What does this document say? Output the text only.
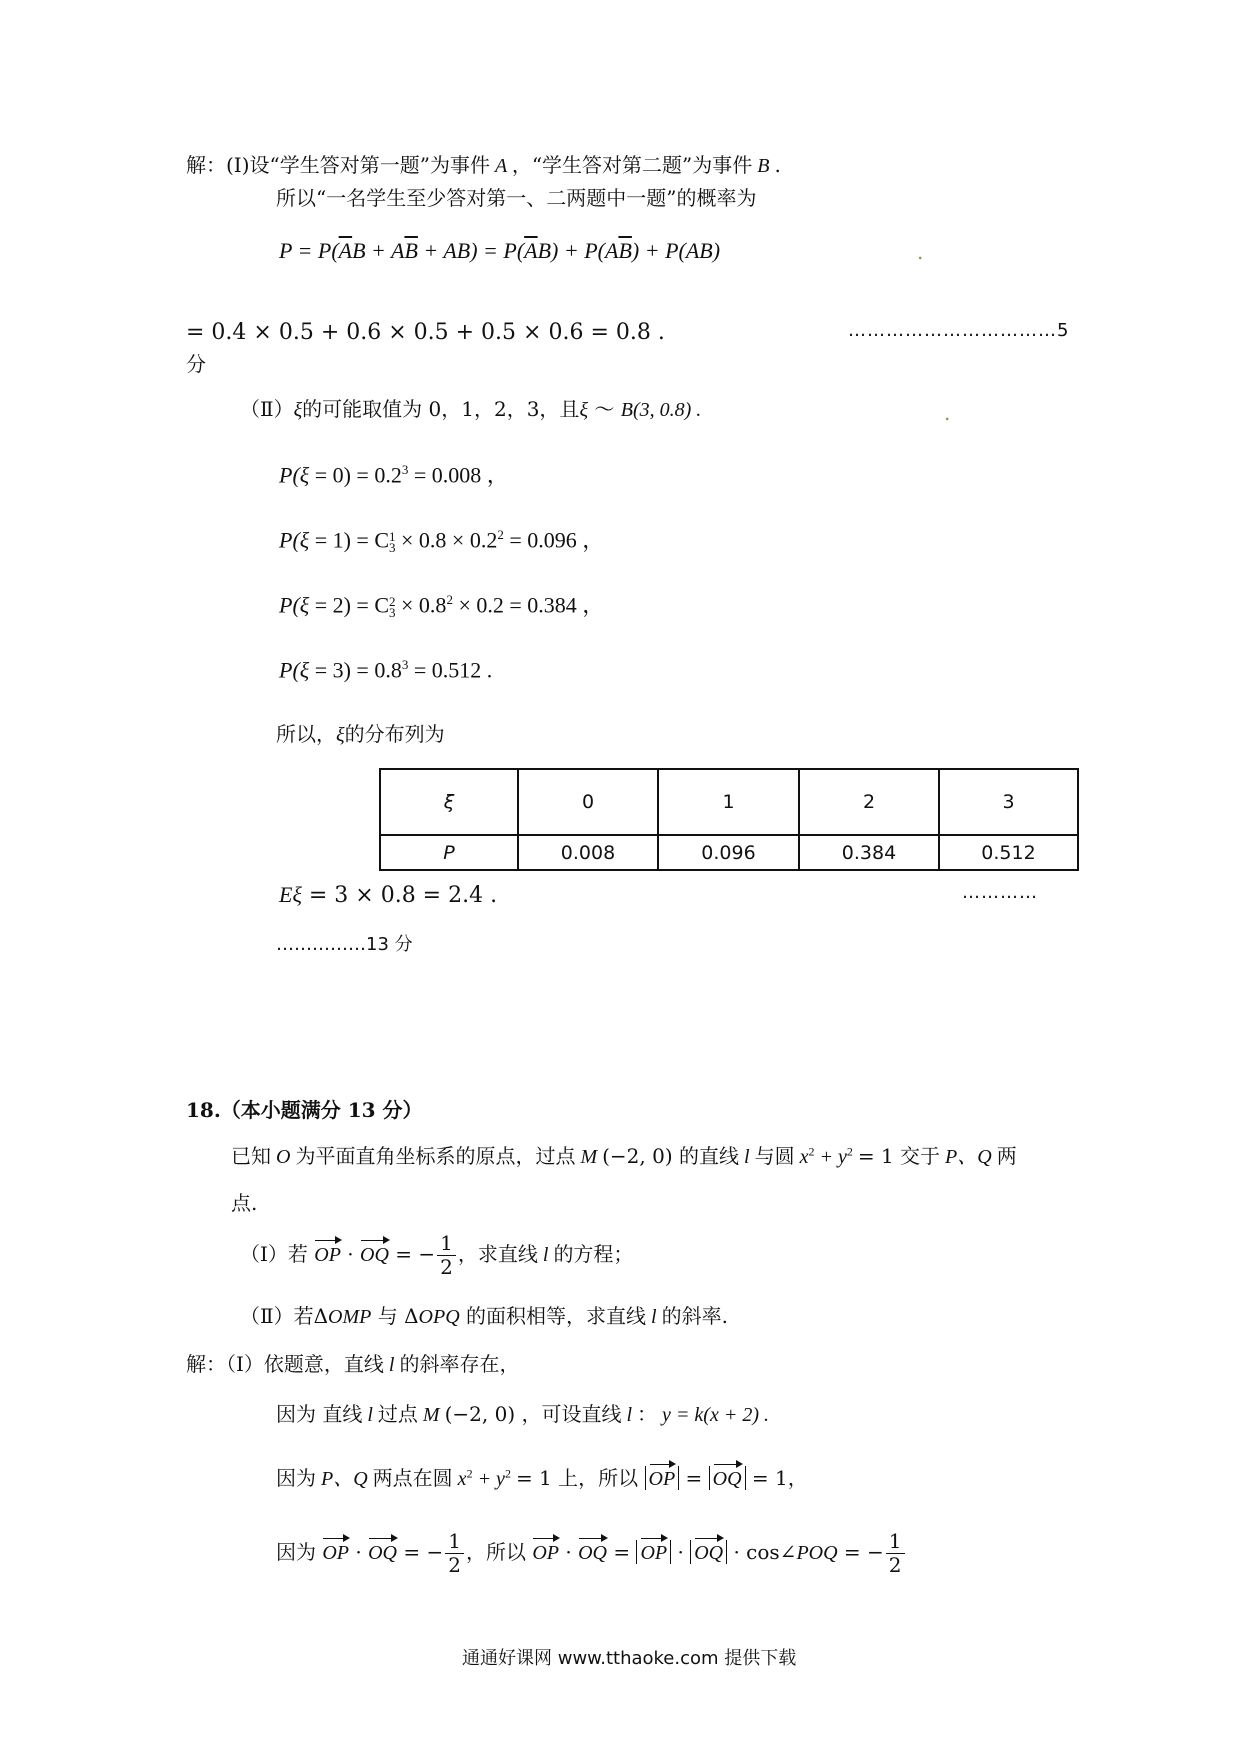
解：(Ⅰ)设“学生答对第一题”为事件 A ，“学生答对第二题”为事件 B .
所以“一名学生至少答对第一、二两题中一题”的概率为
$P = P(\overline{A}B + A\overline{B} + AB) = P(\overline{A}B) + P(A\overline{B}) + P(AB)$	.
= 0.4 × 0.5 + 0.6 × 0.5 + 0.5 × 0.6 = 0.8 .	……………………………5
分
（Ⅱ）ξ的可能取值为 0，1，2，3，且ξ ～ B(3, 0.8) .	.
$P(\xi = 0) = 0.2^3 = 0.008$ ，
P(ξ = 1) = C 1
$3 \times 0.8 \times 0.2^2 = 0.096$ ，
P(ξ = 2) = C 2
$3 \times 0.8^2 \times 0.2 = 0.384$ ，
$P(\xi = 3) = 0.8^3 = 0.512$ .
所以，ξ的分布列为
ξ	0	1	2	3
P	0.008	0.096	0.384	0.512
Eξ = 3 × 0.8 = 2.4 .	…………
……………13 分
18.（本小题满分 13 分）
已知 O 为平面直角坐标系的原点，过点 M (−2, 0) 的直线 l 与圆 $x^2 + y^2 = 1$ 交于 P、Q 两
点.
（Ⅰ）若 OP · OQ = − $\frac{1}{2}$ ，求直线 l 的方程；
（Ⅱ）若ΔOMP 与 ΔOPQ 的面积相等，求直线 l 的斜率.
解：（Ⅰ）依题意，直线 l 的斜率存在，
因为 直线 l 过点 M (−2, 0) ，可设直线 l ： y = k(x + 2) .
因为 P、Q 两点在圆 $x^2 + y^2 = 1$ 上，所以 OP = OQ = 1，
因为 OP · OQ = − $\frac{1}{2}$ ，所以 OP · OQ = OP · OQ · cos∠POQ = − $\frac{1}{2}$
通通好课网 www.tthaoke.com 提供下载
